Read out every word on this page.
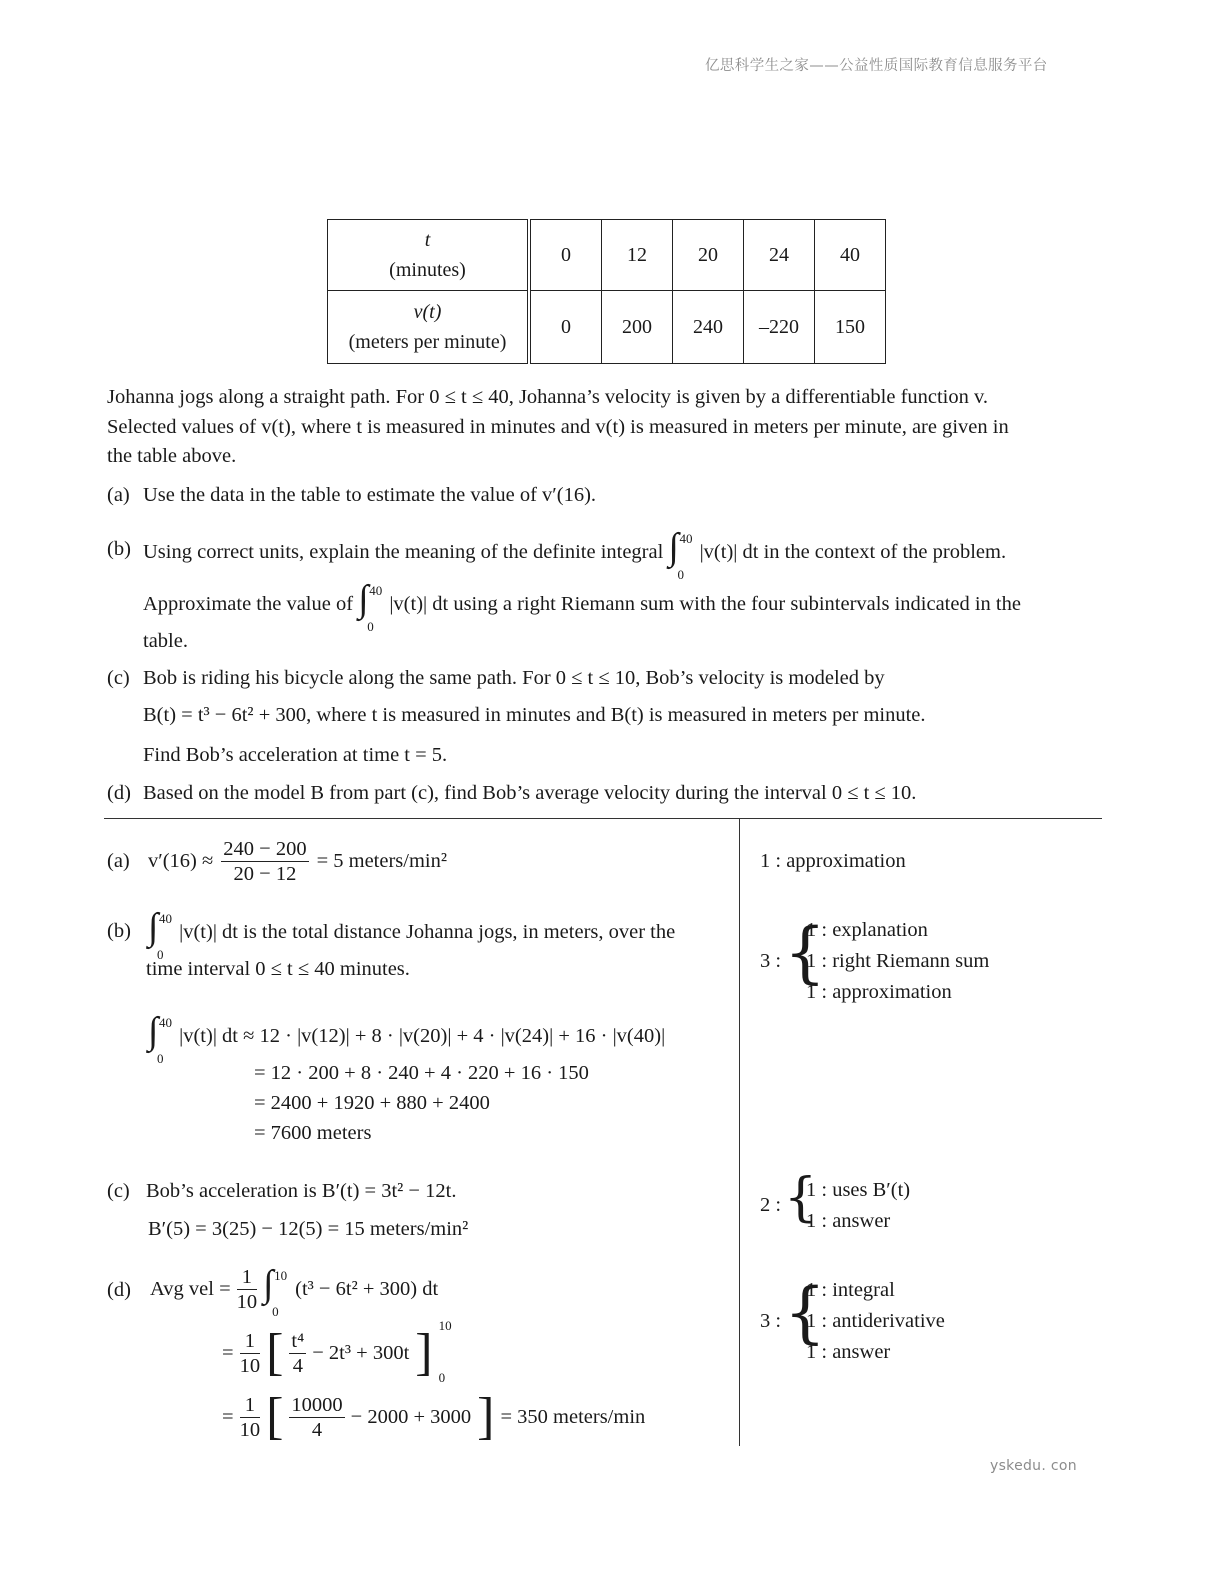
亿思科学生之家——公益性质国际教育信息服务平台
t
(minutes)	0	12	20	24	40

v(t)
(meters per minute)	0	200	240	–220	150
Johanna jogs along a straight path. For 0 ≤ t ≤ 40, Johanna’s velocity is given by a differentiable function v.
Selected values of v(t), where t is measured in minutes and v(t) is measured in meters per minute, are given in
the table above.
(a) Use the data in the table to estimate the value of v′(16).
(b) Using correct units, explain the meaning of the definite integral ∫ 40
0
|v(t)| dt in the context of the problem.
Approximate the value of ∫ 40
0
|v(t)| dt using a right Riemann sum with the four subintervals indicated in the
table.
(c) Bob is riding his bicycle along the same path. For 0 ≤ t ≤ 10, Bob’s velocity is modeled by
B(t) = t³ − 6t² + 300, where t is measured in minutes and B(t) is measured in meters per minute.
Find Bob’s acceleration at time t = 5.
(d) Based on the model B from part (c), find Bob’s average velocity during the interval 0 ≤ t ≤ 10.
(a) $v'(16) \approx \frac{240 - 200}{20 - 12} = 5$ meters/min²
(b) ∫ 40
0
|v(t)| dt is the total distance Johanna jogs, in meters, over the
time interval 0 ≤ t ≤ 40 minutes.
∫ 40
0
|v(t)| dt ≈ 12 · |v(12)| + 8 · |v(20)| + 4 · |v(24)| + 16 · |v(40)|
= 12 · 200 + 8 · 240 + 4 · 220 + 16 · 150
= 2400 + 1920 + 880 + 2400
= 7600 meters
(c) Bob’s acceleration is B′(t) = 3t² − 12t.
B′(5) = 3(25) − 12(5) = 15 meters/min²
(d) Avg vel = $\frac{1}{10}$ ∫ 10
0
(t³ − 6t² + 300) dt
= $\frac{1}{10}$ [ $\frac{\text{t⁴}}{4} - 2t^3 + 300t$ ] 10
0
= $\frac{1}{10}$ [ $\frac{10000}{4} - 2000 + 3000$ ] = 350 meters/min
1 : approximation
3 : {
1 : explanation
1 : right Riemann sum
1 : approximation
2 : {
1 : uses B′(t)
1 : answer
3 : {
1 : integral
1 : antiderivative
1 : answer
yskedu. con
